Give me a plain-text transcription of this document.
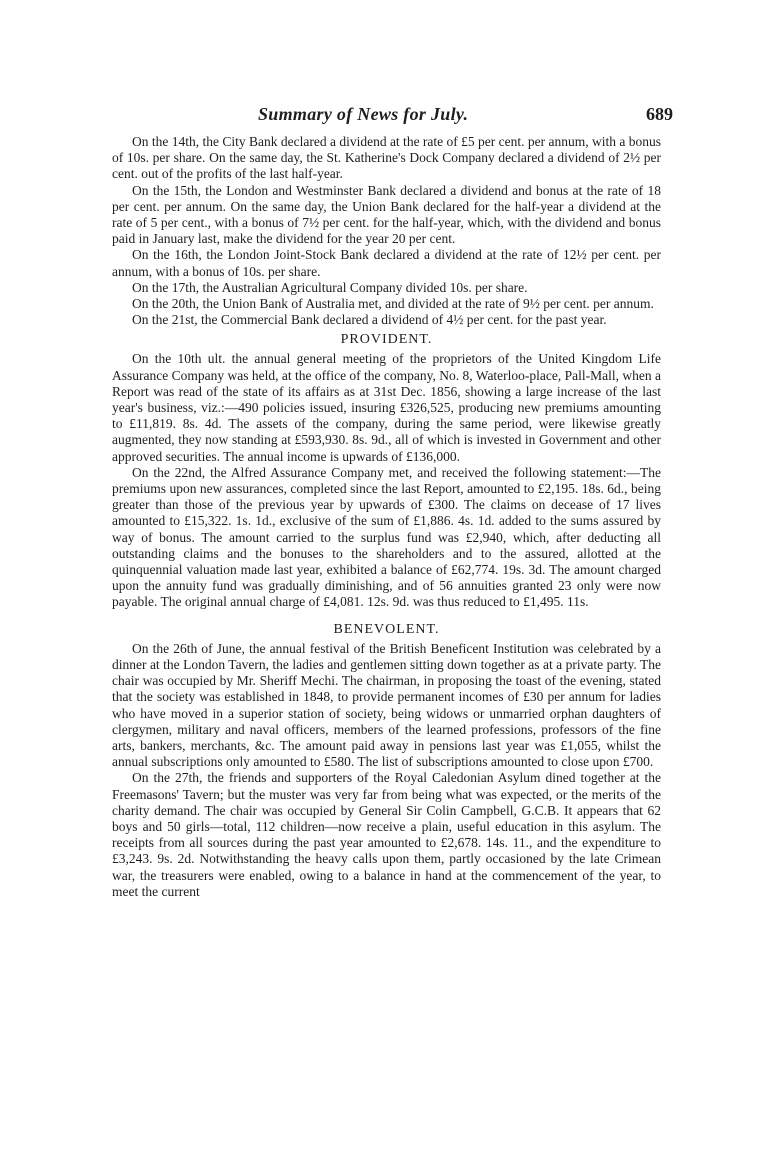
Summary of News for July.	689

On the 14th, the City Bank declared a dividend at the rate of £5 per cent. per annum, with a bonus of 10s. per share. On the same day, the St. Katherine's Dock Company declared a dividend of 2½ per cent. out of the profits of the last half-year.

On the 15th, the London and Westminster Bank declared a dividend and bonus at the rate of 18 per cent. per annum. On the same day, the Union Bank declared for the half-year a dividend at the rate of 5 per cent., with a bonus of 7½ per cent. for the half-year, which, with the dividend and bonus paid in January last, make the dividend for the year 20 per cent.

On the 16th, the London Joint-Stock Bank declared a dividend at the rate of 12½ per cent. per annum, with a bonus of 10s. per share.

On the 17th, the Australian Agricultural Company divided 10s. per share.

On the 20th, the Union Bank of Australia met, and divided at the rate of 9½ per cent. per annum.

On the 21st, the Commercial Bank declared a dividend of 4½ per cent. for the past year.

PROVIDENT.

On the 10th ult. the annual general meeting of the proprietors of the United Kingdom Life Assurance Company was held, at the office of the company, No. 8, Waterloo-place, Pall-Mall, when a Report was read of the state of its affairs as at 31st Dec. 1856, showing a large increase of the last year's business, viz.:—490 policies issued, insuring £326,525, producing new premiums amounting to £11,819. 8s. 4d. The assets of the company, during the same period, were likewise greatly augmented, they now standing at £593,930. 8s. 9d., all of which is invested in Government and other approved securities. The annual income is upwards of £136,000.

On the 22nd, the Alfred Assurance Company met, and received the following statement:—The premiums upon new assurances, completed since the last Report, amounted to £2,195. 18s. 6d., being greater than those of the previous year by upwards of £300. The claims on decease of 17 lives amounted to £15,322. 1s. 1d., exclusive of the sum of £1,886. 4s. 1d. added to the sums assured by way of bonus. The amount carried to the surplus fund was £2,940, which, after deducting all outstanding claims and the bonuses to the shareholders and to the assured, allotted at the quinquennial valuation made last year, exhibited a balance of £62,774. 19s. 3d. The amount charged upon the annuity fund was gradually diminishing, and of 56 annuities granted 23 only were now payable. The original annual charge of £4,081. 12s. 9d. was thus reduced to £1,495. 11s.

BENEVOLENT.

On the 26th of June, the annual festival of the British Beneficent Institution was celebrated by a dinner at the London Tavern, the ladies and gentlemen sitting down together as at a private party. The chair was occupied by Mr. Sheriff Mechi. The chairman, in proposing the toast of the evening, stated that the society was established in 1848, to provide permanent incomes of £30 per annum for ladies who have moved in a superior station of society, being widows or unmarried orphan daughters of clergymen, military and naval officers, members of the learned professions, professors of the fine arts, bankers, merchants, &c. The amount paid away in pensions last year was £1,055, whilst the annual subscriptions only amounted to £580. The list of subscriptions amounted to close upon £700.

On the 27th, the friends and supporters of the Royal Caledonian Asylum dined together at the Freemasons' Tavern; but the muster was very far from being what was expected, or the merits of the charity demand. The chair was occupied by General Sir Colin Campbell, G.C.B. It appears that 62 boys and 50 girls—total, 112 children—now receive a plain, useful education in this asylum. The receipts from all sources during the past year amounted to £2,678. 14s. 11., and the expenditure to £3,243. 9s. 2d. Notwithstanding the heavy calls upon them, partly occasioned by the late Crimean war, the treasurers were enabled, owing to a balance in hand at the commencement of the year, to meet the current
